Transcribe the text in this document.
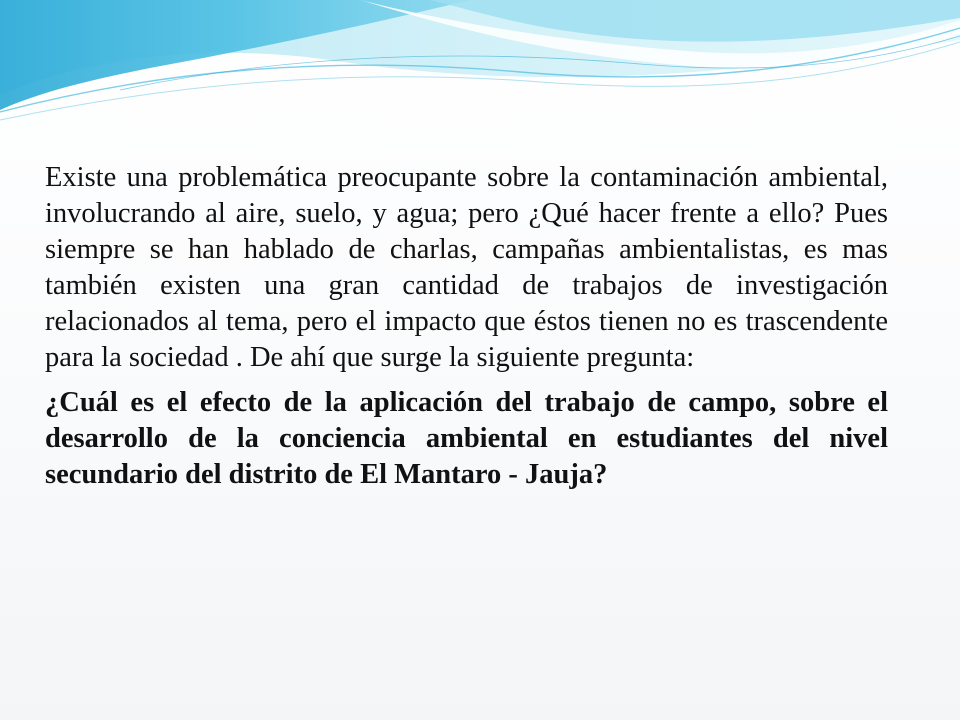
Existe una problemática preocupante sobre la contaminación ambiental, involucrando al aire, suelo, y agua; pero ¿Qué hacer frente a ello? Pues siempre se han hablado de charlas, campañas ambientalistas, es mas también existen una gran cantidad de trabajos de investigación relacionados al tema, pero el impacto que éstos tienen no es trascendente para la sociedad . De ahí que surge la siguiente pregunta:

¿Cuál es el efecto de la aplicación del trabajo de campo, sobre el desarrollo de la conciencia ambiental en estudiantes del nivel secundario del distrito de El Mantaro - Jauja?
